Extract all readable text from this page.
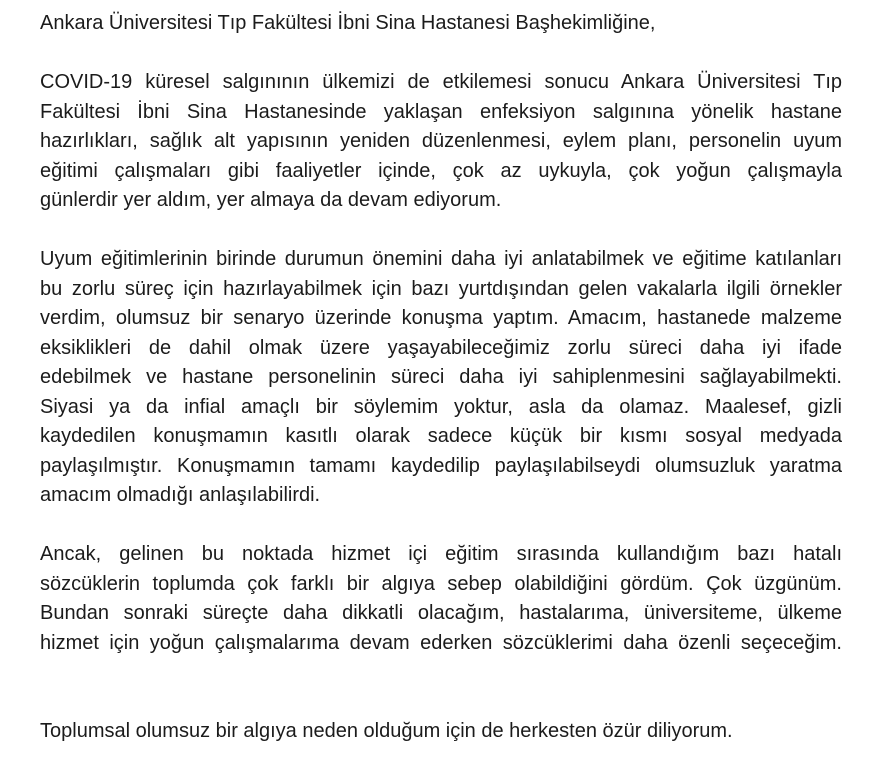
Ankara Üniversitesi Tıp Fakültesi İbni Sina Hastanesi Başhekimliğine,
COVID-19 küresel salgınının ülkemizi de etkilemesi sonucu Ankara Üniversitesi Tıp
Fakültesi İbni Sina Hastanesinde yaklaşan enfeksiyon salgınına yönelik hastane
hazırlıkları, sağlık alt yapısının yeniden düzenlenmesi, eylem planı, personelin uyum
eğitimi çalışmaları gibi faaliyetler içinde, çok az uykuyla, çok yoğun çalışmayla
günlerdir yer aldım, yer almaya da devam ediyorum.
Uyum eğitimlerinin birinde durumun önemini daha iyi anlatabilmek ve eğitime katılanları
bu zorlu süreç için hazırlayabilmek için bazı yurtdışından gelen vakalarla ilgili örnekler
verdim, olumsuz bir senaryo üzerinde konuşma yaptım. Amacım, hastanede malzeme
eksiklikleri de dahil olmak üzere yaşayabileceğimiz zorlu süreci daha iyi ifade
edebilmek ve hastane personelinin süreci daha iyi sahiplenmesini sağlayabilmekti.
Siyasi ya da infial amaçlı bir söylemim yoktur, asla da olamaz. Maalesef, gizli
kaydedilen konuşmamın kasıtlı olarak sadece küçük bir kısmı sosyal medyada
paylaşılmıştır. Konuşmamın tamamı kaydedilip paylaşılabilseydi olumsuzluk yaratma
amacım olmadığı anlaşılabilirdi.
Ancak, gelinen bu noktada hizmet içi eğitim sırasında kullandığım bazı hatalı
sözcüklerin toplumda çok farklı bir algıya sebep olabildiğini gördüm. Çok üzgünüm.
Bundan sonraki süreçte daha dikkatli olacağım, hastalarıma, üniversiteme, ülkeme
hizmet için yoğun çalışmalarıma devam ederken sözcüklerimi daha özenli seçeceğim.
Toplumsal olumsuz bir algıya neden olduğum için de herkesten özür diliyorum.
